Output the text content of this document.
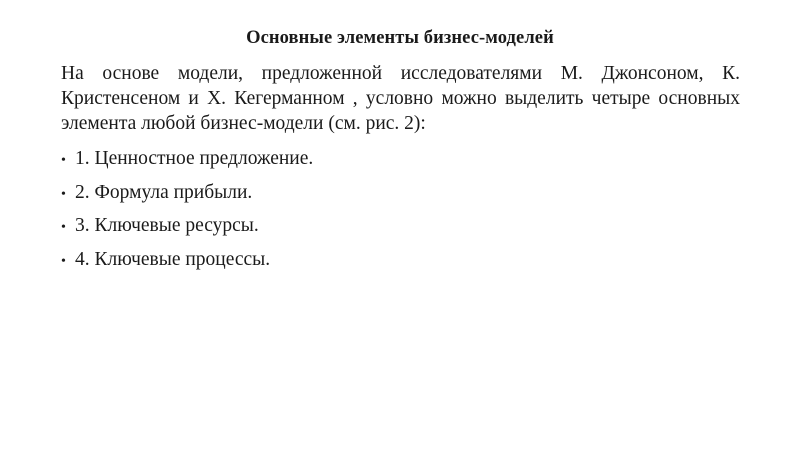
Основные элементы бизнес-моделей
На основе модели, предложенной исследователями М. Джонсоном, К. Кристенсеном и Х. Кегерманном , условно можно выделить четыре основных элемента любой бизнес-модели (см. рис. 2):
• 1. Ценностное предложение.
• 2. Формула прибыли.
• 3. Ключевые ресурсы.
• 4. Ключевые процессы.
